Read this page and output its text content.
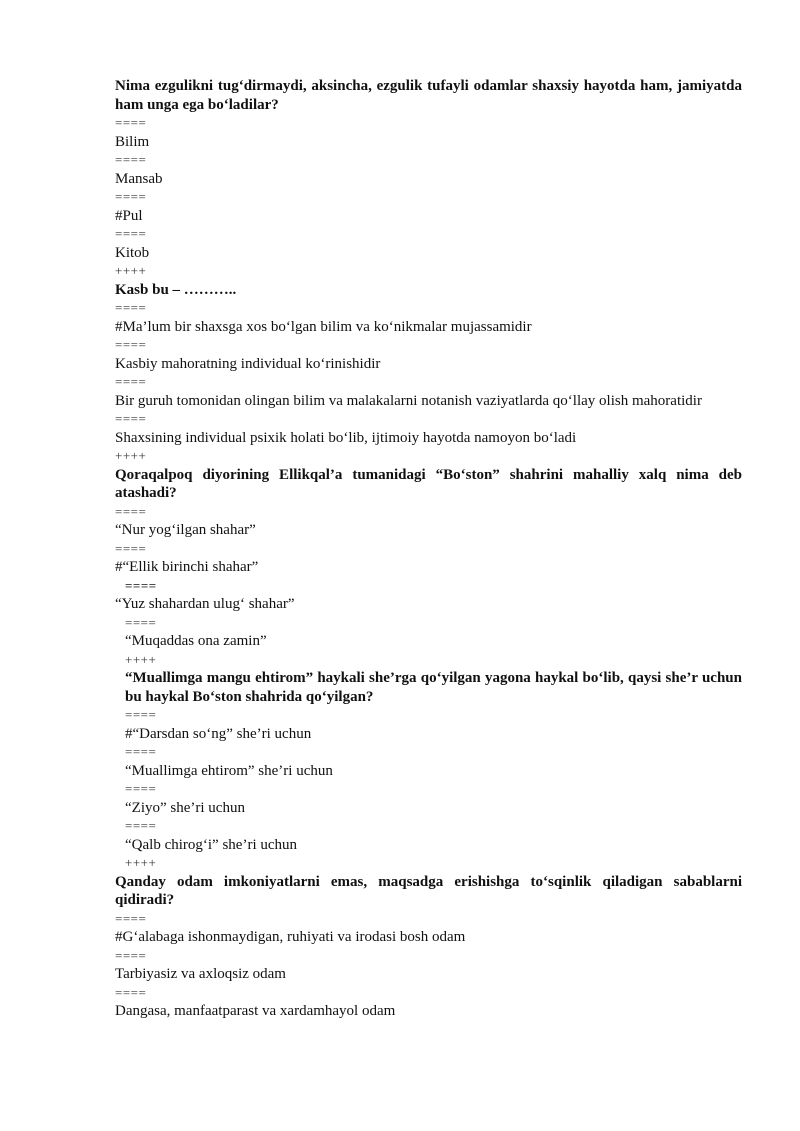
Nima ezgulikni tug‘dirmaydi, aksincha, ezgulik tufayli odamlar shaxsiy hayotda ham, jamiyatda ham unga ega bo‘ladilar?
====
Bilim
====
Mansab
====
#Pul
====
Kitob
++++
Kasb bu – ………..
====
#Ma’lum bir shaxsga xos bo‘lgan bilim va ko‘nikmalar mujassamidir
====
Kasbiy mahoratning individual ko‘rinishidir
====
Bir guruh tomonidan olingan bilim va malakalarni notanish vaziyatlarda qo‘llay olish mahoratidir
====
Shaxsining individual psixik holati bo‘lib, ijtimoiy hayotda namoyon bo‘ladi
++++
Qoraqalpoq diyorining Ellikqal’a tumanidagi “Bo‘ston” shahrini mahalliy xalq nima deb atashadi?
====
“Nur yog‘ilgan shahar”
====
#“Ellik birinchi shahar”
====
“Yuz shahardan ulug‘ shahar”
====
“Muqaddas ona zamin”
++++
“Muallimga mangu ehtirom” haykali she’rga qo‘yilgan yagona haykal bo‘lib, qaysi she’r uchun bu haykal Bo‘ston shahrida qo‘yilgan?
====
#“Darsdan so‘ng” she’ri uchun
====
“Muallimga ehtirom” she’ri uchun
====
“Ziyo” she’ri uchun
====
“Qalb chirog‘i” she’ri uchun
++++
Qanday odam imkoniyatlarni emas, maqsadga erishishga to‘sqinlik qiladigan sabablarni qidiradi?
====
#G‘alabaga ishonmaydigan, ruhiyati va irodasi bosh odam
====
Tarbiyasiz va axloqsiz odam
====
Dangasa, manfaatparast va xardamhayol odam
